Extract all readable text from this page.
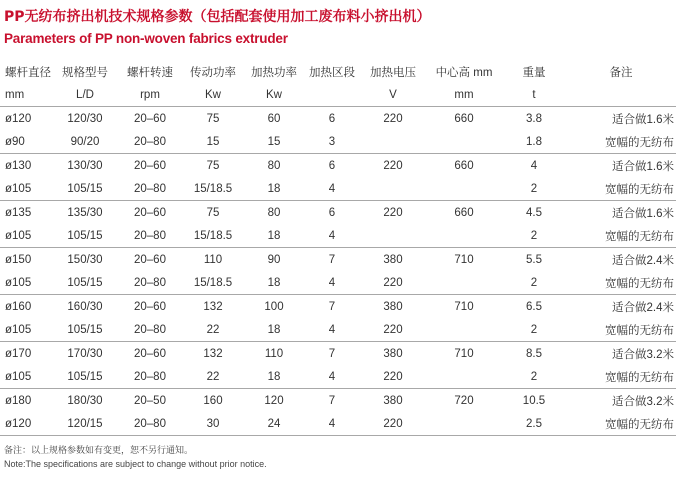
PP无纺布挤出机技术规格参数（包括配套使用加工废布料小挤出机）
Parameters of PP non-woven fabrics extruder
螺杆直径	规格型号	螺杆转速	传动功率	加热功率	加热区段	加热电压	中心高 mm	重量	备注
mm	L/D	rpm	Kw	Kw		V	mm	t	
ø120	120/30	20–60	75	60	6	220	660	3.8	适合做1.6米
ø90	90/20	20–80	15	15	3			1.8	宽幅的无纺布
ø130	130/30	20–60	75	80	6	220	660	4	适合做1.6米
ø105	105/15	20–80	15/18.5	18	4			2	宽幅的无纺布
ø135	135/30	20–60	75	80	6	220	660	4.5	适合做1.6米
ø105	105/15	20–80	15/18.5	18	4			2	宽幅的无纺布
ø150	150/30	20–60	110	90	7	380	710	5.5	适合做2.4米
ø105	105/15	20–80	15/18.5	18	4	220		2	宽幅的无纺布
ø160	160/30	20–60	132	100	7	380	710	6.5	适合做2.4米
ø105	105/15	20–80	22	18	4	220		2	宽幅的无纺布
ø170	170/30	20–60	132	110	7	380	710	8.5	适合做3.2米
ø105	105/15	20–80	22	18	4	220		2	宽幅的无纺布
ø180	180/30	20–50	160	120	7	380	720	10.5	适合做3.2米
ø120	120/15	20–80	30	24	4	220		2.5	宽幅的无纺布
备注：以上规格参数如有变更，恕不另行通知。
Note:The specifications are subject to change without prior notice.
